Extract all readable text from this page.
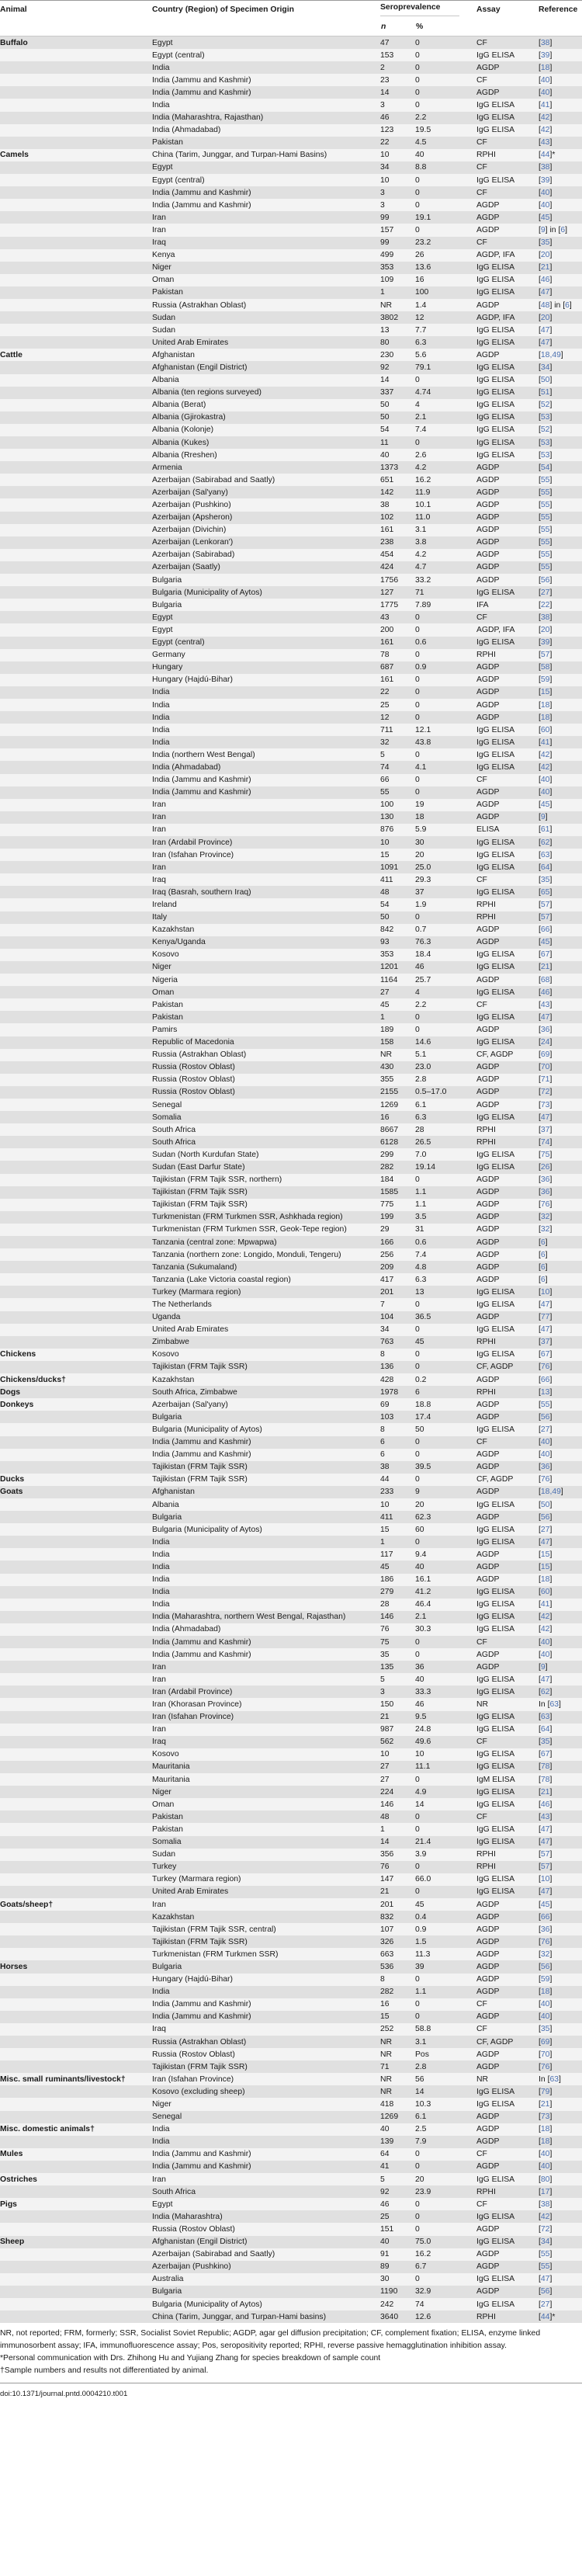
Animal	Country (Region) of Specimen Origin	Seroprevalence		Assay	Reference
		n	%		
Buffalo	Egypt	47	0	CF	[38]
	Egypt (central)	153	0	IgG ELISA	[39]
	India	2	0	AGDP	[18]
	India (Jammu and Kashmir)	23	0	CF	[40]
	India (Jammu and Kashmir)	14	0	AGDP	[40]
	India	3	0	IgG ELISA	[41]
	India (Maharashtra, Rajasthan)	46	2.2	IgG ELISA	[42]
	India (Ahmadabad)	123	19.5	IgG ELISA	[42]
	Pakistan	22	4.5	CF	[43]
Camels	China (Tarim, Junggar, and Turpan-Hami Basins)	10	40	RPHI	[44]*
	Egypt	34	8.8	CF	[38]
	Egypt (central)	10	0	IgG ELISA	[39]
	India (Jammu and Kashmir)	3	0	CF	[40]
	India (Jammu and Kashmir)	3	0	AGDP	[40]
	Iran	99	19.1	AGDP	[45]
	Iran	157	0	AGDP	[9] in [6]
	Iraq	99	23.2	CF	[35]
	Kenya	499	26	AGDP, IFA	[20]
	Niger	353	13.6	IgG ELISA	[21]
	Oman	109	16	IgG ELISA	[46]
	Pakistan	1	100	IgG ELISA	[47]
	Russia (Astrakhan Oblast)	NR	1.4	AGDP	[48] in [6]
	Sudan	3802	12	AGDP, IFA	[20]
	Sudan	13	7.7	IgG ELISA	[47]
	United Arab Emirates	80	6.3	IgG ELISA	[47]
Cattle	Afghanistan	230	5.6	AGDP	[18,49]
	Afghanistan (Engil District)	92	79.1	IgG ELISA	[34]
	Albania	14	0	IgG ELISA	[50]
	Albania (ten regions surveyed)	337	4.74	IgG ELISA	[51]
	Albania (Berat)	50	4	IgG ELISA	[52]
	Albania (Gjirokastra)	50	2.1	IgG ELISA	[53]
	Albania (Kolonje)	54	7.4	IgG ELISA	[52]
	Albania (Kukes)	11	0	IgG ELISA	[53]
	Albania (Rreshen)	40	2.6	IgG ELISA	[53]
	Armenia	1373	4.2	AGDP	[54]
	Azerbaijan (Sabirabad and Saatly)	651	16.2	AGDP	[55]
	Azerbaijan (Sal'yany)	142	11.9	AGDP	[55]
	Azerbaijan (Pushkino)	38	10.1	AGDP	[55]
	Azerbaijan (Apsheron)	102	11.0	AGDP	[55]
	Azerbaijan (Divichin)	161	3.1	AGDP	[55]
	Azerbaijan (Lenkoran')	238	3.8	AGDP	[55]
	Azerbaijan (Sabirabad)	454	4.2	AGDP	[55]
	Azerbaijan (Saatly)	424	4.7	AGDP	[55]
	Bulgaria	1756	33.2	AGDP	[56]
	Bulgaria (Municipality of Aytos)	127	71	IgG ELISA	[27]
	Bulgaria	1775	7.89	IFA	[22]
	Egypt	43	0	CF	[38]
	Egypt	200	0	AGDP, IFA	[20]
	Egypt (central)	161	0.6	IgG ELISA	[39]
	Germany	78	0	RPHI	[57]
	Hungary	687	0.9	AGDP	[58]
	Hungary (Hajdú-Bihar)	161	0	AGDP	[59]
	India	22	0	AGDP	[15]
	India	25	0	AGDP	[18]
	India	12	0	AGDP	[18]
	India	711	12.1	IgG ELISA	[60]
	India	32	43.8	IgG ELISA	[41]
	India (northern West Bengal)	5	0	IgG ELISA	[42]
	India (Ahmadabad)	74	4.1	IgG ELISA	[42]
	India (Jammu and Kashmir)	66	0	CF	[40]
	India (Jammu and Kashmir)	55	0	AGDP	[40]
	Iran	100	19	AGDP	[45]
	Iran	130	18	AGDP	[9]
	Iran	876	5.9	ELISA	[61]
	Iran (Ardabil Province)	10	30	IgG ELISA	[62]
	Iran (Isfahan Province)	15	20	IgG ELISA	[63]
	Iran	1091	25.0	IgG ELISA	[64]
	Iraq	411	29.3	CF	[35]
	Iraq (Basrah, southern Iraq)	48	37	IgG ELISA	[65]
	Ireland	54	1.9	RPHI	[57]
	Italy	50	0	RPHI	[57]
	Kazakhstan	842	0.7	AGDP	[66]
	Kenya/Uganda	93	76.3	AGDP	[45]
	Kosovo	353	18.4	IgG ELISA	[67]
	Niger	1201	46	IgG ELISA	[21]
	Nigeria	1164	25.7	AGDP	[68]
	Oman	27	4	IgG ELISA	[46]
	Pakistan	45	2.2	CF	[43]
	Pakistan	1	0	IgG ELISA	[47]
	Pamirs	189	0	AGDP	[36]
	Republic of Macedonia	158	14.6	IgG ELISA	[24]
	Russia (Astrakhan Oblast)	NR	5.1	CF, AGDP	[69]
	Russia (Rostov Oblast)	430	23.0	AGDP	[70]
	Russia (Rostov Oblast)	355	2.8	AGDP	[71]
	Russia (Rostov Oblast)	2155	0.5–17.0	AGDP	[72]
	Senegal	1269	6.1	AGDP	[73]
	Somalia	16	6.3	IgG ELISA	[47]
	South Africa	8667	28	RPHI	[37]
	South Africa	6128	26.5	RPHI	[74]
	Sudan (North Kurdufan State)	299	7.0	IgG ELISA	[75]
	Sudan (East Darfur State)	282	19.14	IgG ELISA	[26]
	Tajikistan (FRM Tajik SSR, northern)	184	0	AGDP	[36]
	Tajikistan (FRM Tajik SSR)	1585	1.1	AGDP	[36]
	Tajikistan (FRM Tajik SSR)	775	1.1	AGDP	[76]
	Turkmenistan (FRM Turkmen SSR, Ashkhada region)	199	3.5	AGDP	[32]
	Turkmenistan (FRM Turkmen SSR, Geok-Tepe region)	29	31	AGDP	[32]
	Tanzania (central zone: Mpwapwa)	166	0.6	AGDP	[6]
	Tanzania (northern zone: Longido, Monduli, Tengeru)	256	7.4	AGDP	[6]
	Tanzania (Sukumaland)	209	4.8	AGDP	[6]
	Tanzania (Lake Victoria coastal region)	417	6.3	AGDP	[6]
	Turkey (Marmara region)	201	13	IgG ELISA	[10]
	The Netherlands	7	0	IgG ELISA	[47]
	Uganda	104	36.5	AGDP	[77]
	United Arab Emirates	34	0	IgG ELISA	[47]
	Zimbabwe	763	45	RPHI	[37]
Chickens	Kosovo	8	0	IgG ELISA	[67]
	Tajikistan (FRM Tajik SSR)	136	0	CF, AGDP	[76]
Chickens/ducks†	Kazakhstan	428	0.2	AGDP	[66]
Dogs	South Africa, Zimbabwe	1978	6	RPHI	[13]
Donkeys	Azerbaijan (Sal'yany)	69	18.8	AGDP	[55]
	Bulgaria	103	17.4	AGDP	[56]
	Bulgaria (Municipality of Aytos)	8	50	IgG ELISA	[27]
	India (Jammu and Kashmir)	6	0	CF	[40]
	India (Jammu and Kashmir)	6	0	AGDP	[40]
	Tajikistan (FRM Tajik SSR)	38	39.5	AGDP	[36]
Ducks	Tajikistan (FRM Tajik SSR)	44	0	CF, AGDP	[76]
Goats	Afghanistan	233	9	AGDP	[18,49]
	Albania	10	20	IgG ELISA	[50]
	Bulgaria	411	62.3	AGDP	[56]
	Bulgaria (Municipality of Aytos)	15	60	IgG ELISA	[27]
	India	1	0	IgG ELISA	[47]
	India	117	9.4	AGDP	[15]
	India	45	40	AGDP	[15]
	India	186	16.1	AGDP	[18]
	India	279	41.2	IgG ELISA	[60]
	India	28	46.4	IgG ELISA	[41]
	India (Maharashtra, northern West Bengal, Rajasthan)	146	2.1	IgG ELISA	[42]
	India (Ahmadabad)	76	30.3	IgG ELISA	[42]
	India (Jammu and Kashmir)	75	0	CF	[40]
	India (Jammu and Kashmir)	35	0	AGDP	[40]
	Iran	135	36	AGDP	[9]
	Iran	5	40	IgG ELISA	[47]
	Iran (Ardabil Province)	3	33.3	IgG ELISA	[62]
	Iran (Khorasan Province)	150	46	NR	In [63]
	Iran (Isfahan Province)	21	9.5	IgG ELISA	[63]
	Iran	987	24.8	IgG ELISA	[64]
	Iraq	562	49.6	CF	[35]
	Kosovo	10	10	IgG ELISA	[67]
	Mauritania	27	11.1	IgG ELISA	[78]
	Mauritania	27	0	IgM ELISA	[78]
	Niger	224	4.9	IgG ELISA	[21]
	Oman	146	14	IgG ELISA	[46]
	Pakistan	48	0	CF	[43]
	Pakistan	1	0	IgG ELISA	[47]
	Somalia	14	21.4	IgG ELISA	[47]
	Sudan	356	3.9	RPHI	[57]
	Turkey	76	0	RPHI	[57]
	Turkey (Marmara region)	147	66.0	IgG ELISA	[10]
	United Arab Emirates	21	0	IgG ELISA	[47]
Goats/sheep†	Iran	201	45	AGDP	[45]
	Kazakhstan	832	0.4	AGDP	[66]
	Tajikistan (FRM Tajik SSR, central)	107	0.9	AGDP	[36]
	Tajikistan (FRM Tajik SSR)	326	1.5	AGDP	[76]
	Turkmenistan (FRM Turkmen SSR)	663	11.3	AGDP	[32]
Horses	Bulgaria	536	39	AGDP	[56]
	Hungary (Hajdú-Bihar)	8	0	AGDP	[59]
	India	282	1.1	AGDP	[18]
	India (Jammu and Kashmir)	16	0	CF	[40]
	India (Jammu and Kashmir)	15	0	AGDP	[40]
	Iraq	252	58.8	CF	[35]
	Russia (Astrakhan Oblast)	NR	3.1	CF, AGDP	[69]
	Russia (Rostov Oblast)	NR	Pos	AGDP	[70]
	Tajikistan (FRM Tajik SSR)	71	2.8	AGDP	[76]
Misc. small ruminants/livestock†	Iran (Isfahan Province)	NR	56	NR	In [63]
	Kosovo (excluding sheep)	NR	14	IgG ELISA	[79]
	Niger	418	10.3	IgG ELISA	[21]
	Senegal	1269	6.1	AGDP	[73]
Misc. domestic animals†	India	40	2.5	AGDP	[18]
	India	139	7.9	AGDP	[18]
Mules	India (Jammu and Kashmir)	64	0	CF	[40]
	India (Jammu and Kashmir)	41	0	AGDP	[40]
Ostriches	Iran	5	20	IgG ELISA	[80]
	South Africa	92	23.9	RPHI	[17]
Pigs	Egypt	46	0	CF	[38]
	India (Maharashtra)	25	0	IgG ELISA	[42]
	Russia (Rostov Oblast)	151	0	AGDP	[72]
Sheep	Afghanistan (Engil District)	40	75.0	IgG ELISA	[34]
	Azerbaijan (Sabirabad and Saatly)	91	16.2	AGDP	[55]
	Azerbaijan (Pushkino)	89	6.7	AGDP	[55]
	Australia	30	0	IgG ELISA	[47]
	Bulgaria	1190	32.9	AGDP	[56]
	Bulgaria (Municipality of Aytos)	242	74	IgG ELISA	[27]
	China (Tarim, Junggar, and Turpan-Hami basins)	3640	12.6	RPHI	[44]*

NR, not reported; FRM, formerly; SSR, Socialist Soviet Republic; AGDP, agar gel diffusion precipitation; CF, complement fixation; ELISA, enzyme linked immunosorbent assay; IFA, immunofluorescence assay; Pos, seropositivity reported; RPHI, reverse passive hemagglutination inhibition assay.

*Personal communication with Drs. Zhihong Hu and Yujiang Zhang for species breakdown of sample count

†Sample numbers and results not differentiated by animal.

doi:10.1371/journal.pntd.0004210.t001
